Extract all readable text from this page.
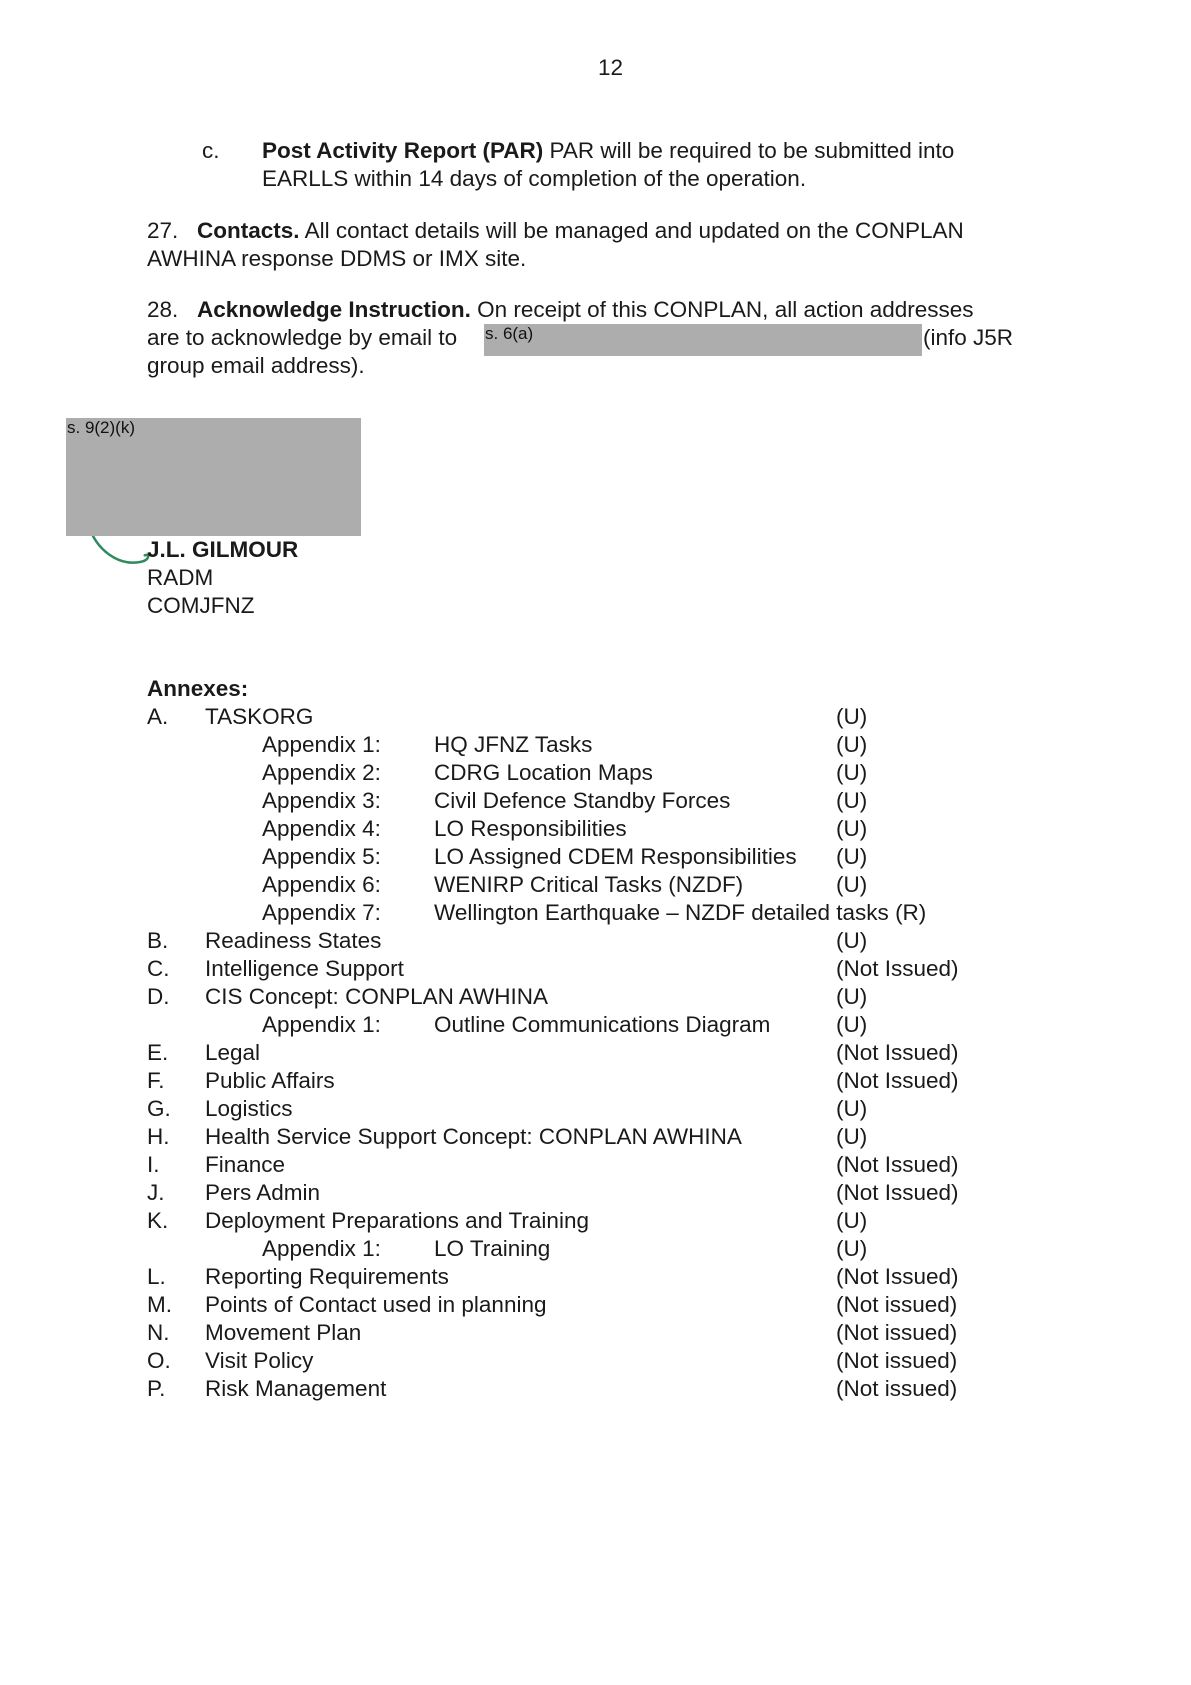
12
c. Post Activity Report (PAR) PAR will be required to be submitted into
EARLLS within 14 days of completion of the operation.
27. Contacts. All contact details will be managed and updated on the CONPLAN
AWHINA response DDMS or IMX site.
28. Acknowledge Instruction. On receipt of this CONPLAN, all action addresses
are to acknowledge by email to s. 6(a)	(info J5R
group email address).
s. 9(2)(k)
J.L. GILMOUR
RADM
COMJFNZ
Annexes:
A. TASKORG	(U)
Appendix 1: HQ JFNZ Tasks	(U)
Appendix 2: CDRG Location Maps	(U)
Appendix 3: Civil Defence Standby Forces	(U)
Appendix 4: LO Responsibilities	(U)
Appendix 5: LO Assigned CDEM Responsibilities (U)
Appendix 6: WENIRP Critical Tasks (NZDF)	(U)
Appendix 7: Wellington Earthquake – NZDF detailed tasks (R)
B. Readiness States	(U)
C. Intelligence Support	(Not Issued)
D. CIS Concept: CONPLAN AWHINA	(U)
Appendix 1: Outline Communications Diagram	(U)
E. Legal	(Not Issued)
F. Public Affairs	(Not Issued)
G. Logistics	(U)
H. Health Service Support Concept: CONPLAN AWHINA	(U)
I. Finance	(Not Issued)
J. Pers Admin	(Not Issued)
K. Deployment Preparations and Training	(U)
Appendix 1: LO Training	(U)
L. Reporting Requirements	(Not Issued)
M. Points of Contact used in planning	(Not issued)
N. Movement Plan	(Not issued)
O. Visit Policy	(Not issued)
P. Risk Management	(Not issued)
